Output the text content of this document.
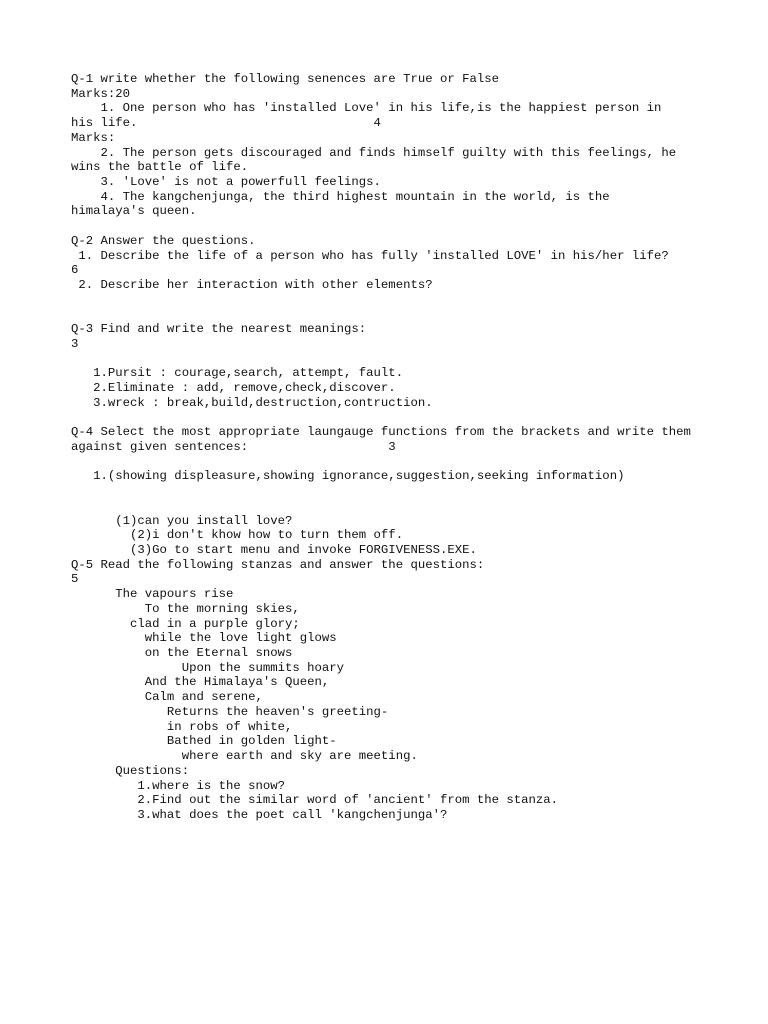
Q-1 write whether the following senences are True or False
Marks:20
1. One person who has 'installed Love' in his life,is the happiest person in
his life.                                4
Marks:
2. The person gets discouraged and finds himself guilty with this feelings, he
wins the battle of life.
3. 'Love' is not a powerfull feelings.
4. The kangchenjunga, the third highest mountain in the world, is the
himalaya's queen.
Q-2 Answer the questions.
1. Describe the life of a person who has fully 'installed LOVE' in his/her life?
6
2. Describe her interaction with other elements?
Q-3 Find and write the nearest meanings:
3
1.Pursit : courage,search, attempt, fault.
2.Eliminate : add, remove,check,discover.
3.wreck : break,build,destruction,contruction.
Q-4 Select the most appropriate laungauge functions from the brackets and write them
against given sentences:                   3
1.(showing displeasure,showing ignorance,suggestion,seeking information)
(1)can you install love?
(2)i don't khow how to turn them off.
(3)Go to start menu and invoke FORGIVENESS.EXE.
Q-5 Read the following stanzas and answer the questions:
5
The vapours rise
To the morning skies,
clad in a purple glory;
while the love light glows
on the Eternal snows
Upon the summits hoary
And the Himalaya's Queen,
Calm and serene,
Returns the heaven's greeting-
in robs of white,
Bathed in golden light-
where earth and sky are meeting.
Questions:
1.where is the snow?
2.Find out the similar word of 'ancient' from the stanza.
3.what does the poet call 'kangchenjunga'?
